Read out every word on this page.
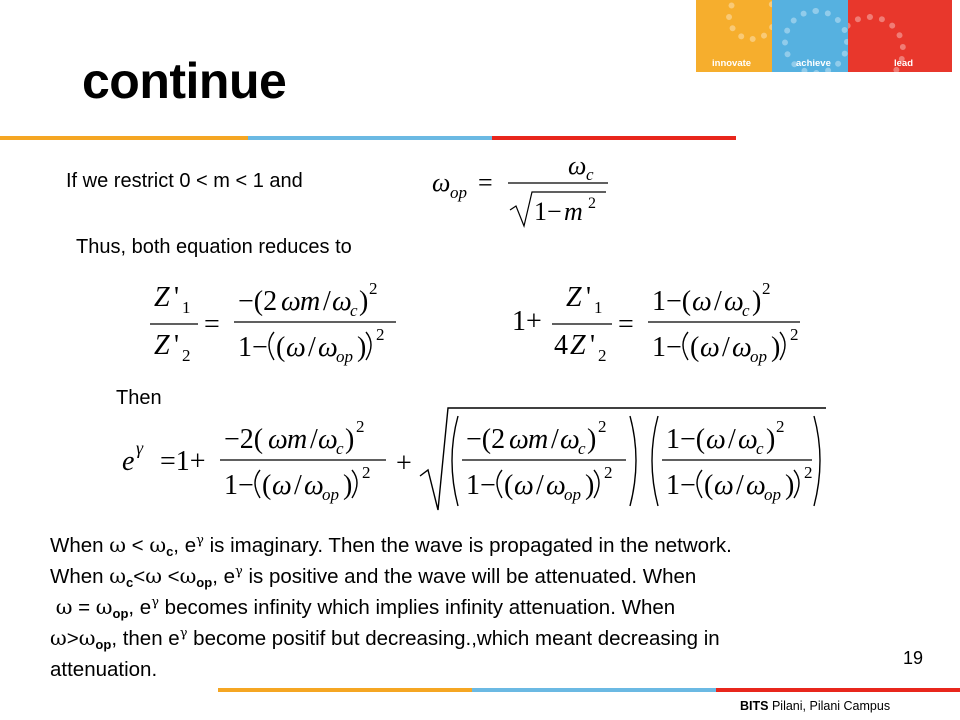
innovate	achieve	lead
continue
If we restrict 0 < m < 1 and	ω op =
ω c
1− m 2
Thus, both equation reduces to
Z ' 1
Z ' 2
=
−(2 ω m / ω
c ) 2
1− ( ω / ω
op ) 2	1+
Z ' 1
4 Z ' 2
=
1−( ω / ω
c ) 2
1− ( ω / ω
op ) 2
Then
e γ =1+
−2( ω m / ω
c ) 2
1− ( ω / ω
op ) 2 +
−(2 ω m / ω
c ) 2
1− ( ω / ω
op ) 2
1−( ω / ω
c ) 2
1− ( ω / ω
op ) 2
When $\omega < \omega_c$, $e^\gamma$ is imaginary. Then the wave is propagated in the network.
When $\omega_c<\omega <\omega_{op}$, $e^\gamma$ is positive and the wave will be attenuated. When
$\omega = \omega_{op}$, $e^\gamma$ becomes infinity which implies infinity attenuation. When
$\omega>\omega_{op}$, then $e^\gamma$ become positif but decreasing.,which meant decreasing in
attenuation.	19
BITS Pilani, Pilani Campus
